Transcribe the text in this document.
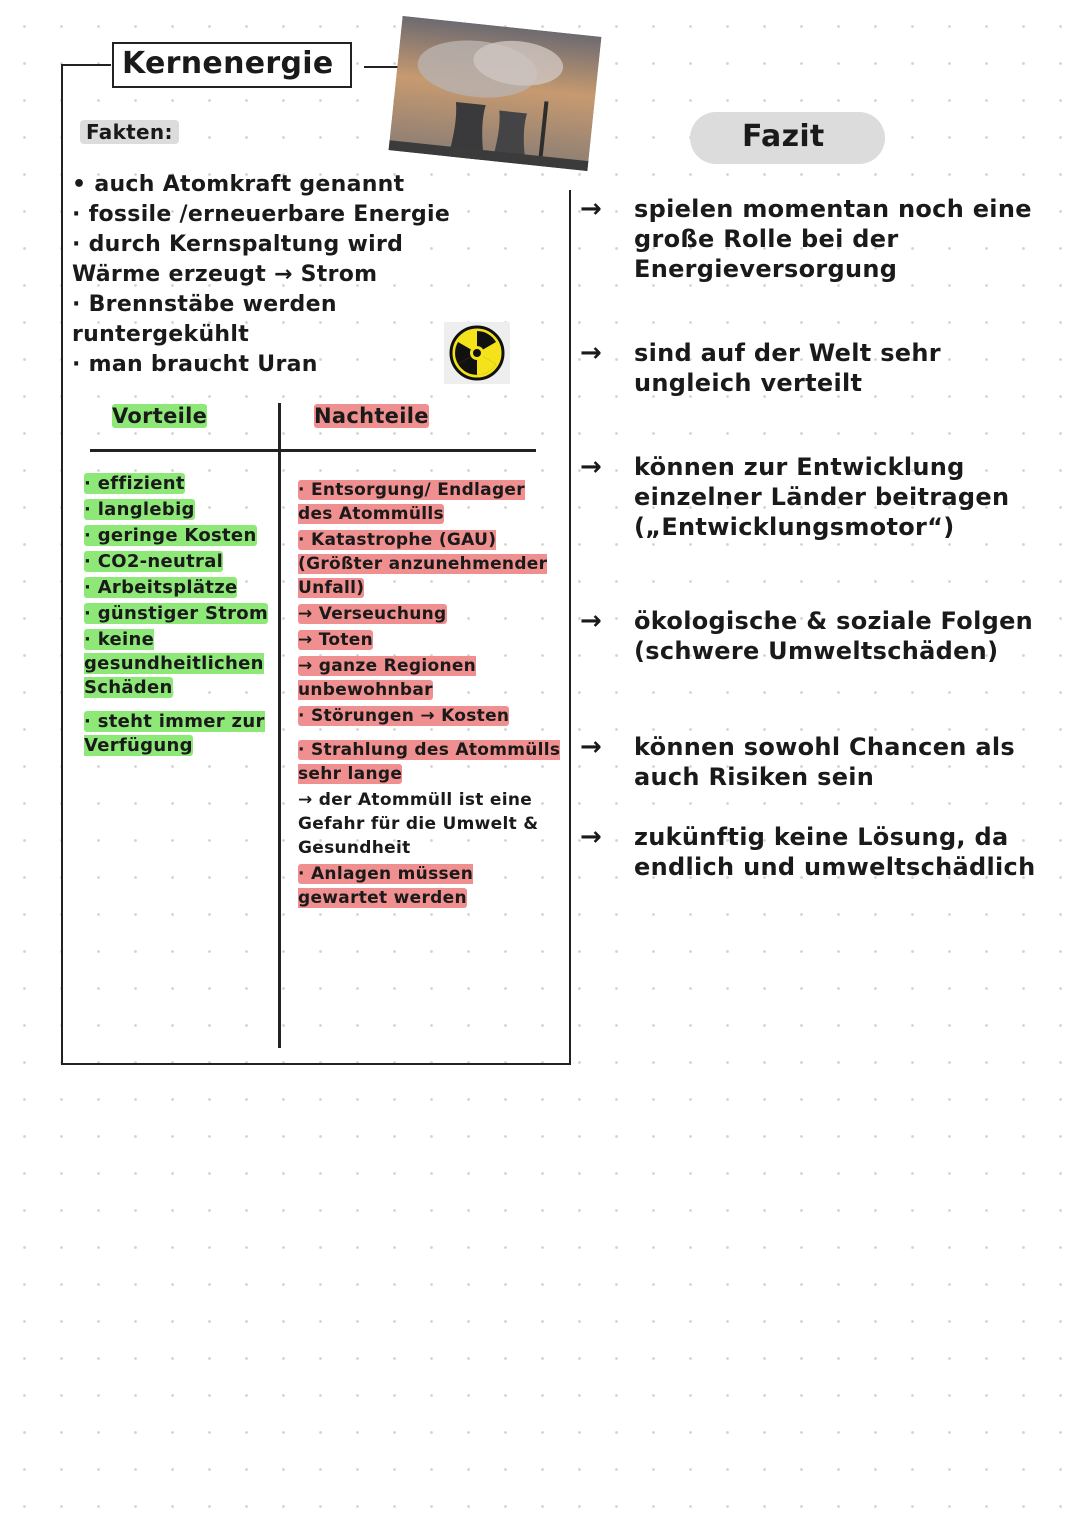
Kernenergie
Fakten:
• auch Atomkraft genannt
· fossile /erneuerbare Energie
· durch Kernspaltung wird
Wärme erzeugt → Strom
· Brennstäbe werden
runtergekühlt
· man braucht Uran
Vorteile	Nachteile
· effizient
· langlebig
· geringe Kosten
· CO2-neutral
· Arbeitsplätze
· günstiger Strom
· keine gesundheitlichen Schäden
· steht immer zur Verfügung
· Entsorgung/ Endlager des Atommülls
· Katastrophe (GAU) (Größter anzunehmender Unfall)
→ Verseuchung
→ Toten
→ ganze Regionen unbewohnbar
· Störungen → Kosten
· Strahlung des Atommülls sehr lange
→ der Atommüll ist eine Gefahr für die Umwelt & Gesundheit
· Anlagen müssen gewartet werden
Fazit
→ spielen momentan noch eine große Rolle bei der Energieversorgung
→ sind auf der Welt sehr ungleich verteilt
→ können zur Entwicklung einzelner Länder beitragen („Entwicklungsmotor“)
→ ökologische & soziale Folgen (schwere Umweltschäden)
→ können sowohl Chancen als auch Risiken sein
→ zukünftig keine Lösung, da endlich und umweltschädlich
